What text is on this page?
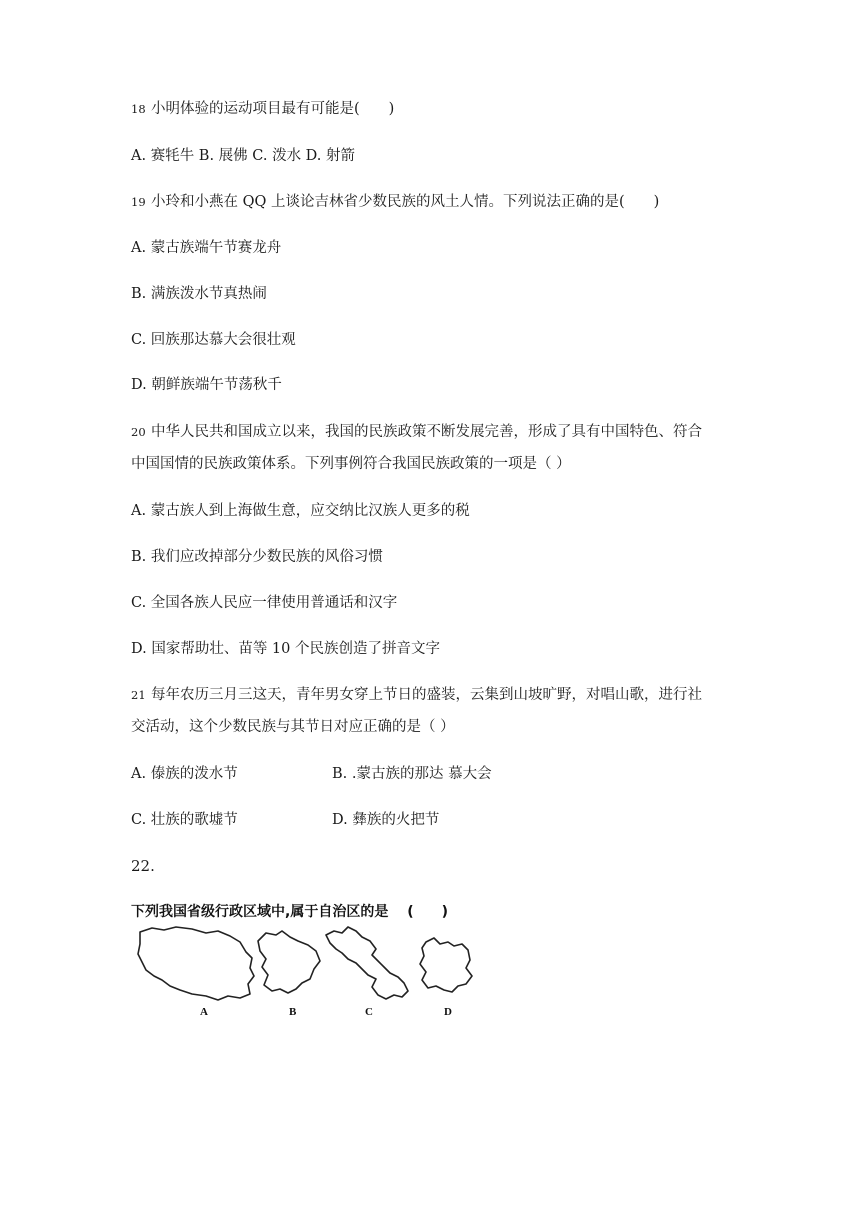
18 小明体验的运动项目最有可能是(　　)
A. 赛牦牛 B. 展佛 C. 泼水 D. 射箭
19 小玲和小燕在 QQ 上谈论吉林省少数民族的风土人情。下列说法正确的是(　　)
A. 蒙古族端午节赛龙舟
B. 满族泼水节真热闹
C. 回族那达慕大会很壮观
D. 朝鲜族端午节荡秋千
20 中华人民共和国成立以来，我国的民族政策不断发展完善，形成了具有中国特色、符合
中国国情的民族政策体系。下列事例符合我国民族政策的一项是（ ）
A. 蒙古族人到上海做生意，应交纳比汉族人更多的税
B. 我们应改掉部分少数民族的风俗习惯
C. 全国各族人民应一律使用普通话和汉字
D. 国家帮助壮、苗等 10 个民族创造了拼音文字
21 每年农历三月三这天，青年男女穿上节日的盛装，云集到山坡旷野，对唱山歌，进行社
交活动，这个少数民族与其节日对应正确的是（ ）
A. 傣族的泼水节	B. .蒙古族的那达 慕大会
C. 壮族的歌墟节	D. 彝族的火把节
22.
下列我国省级行政区域中,属于自治区的是　 (　　)
A	B	C	D
